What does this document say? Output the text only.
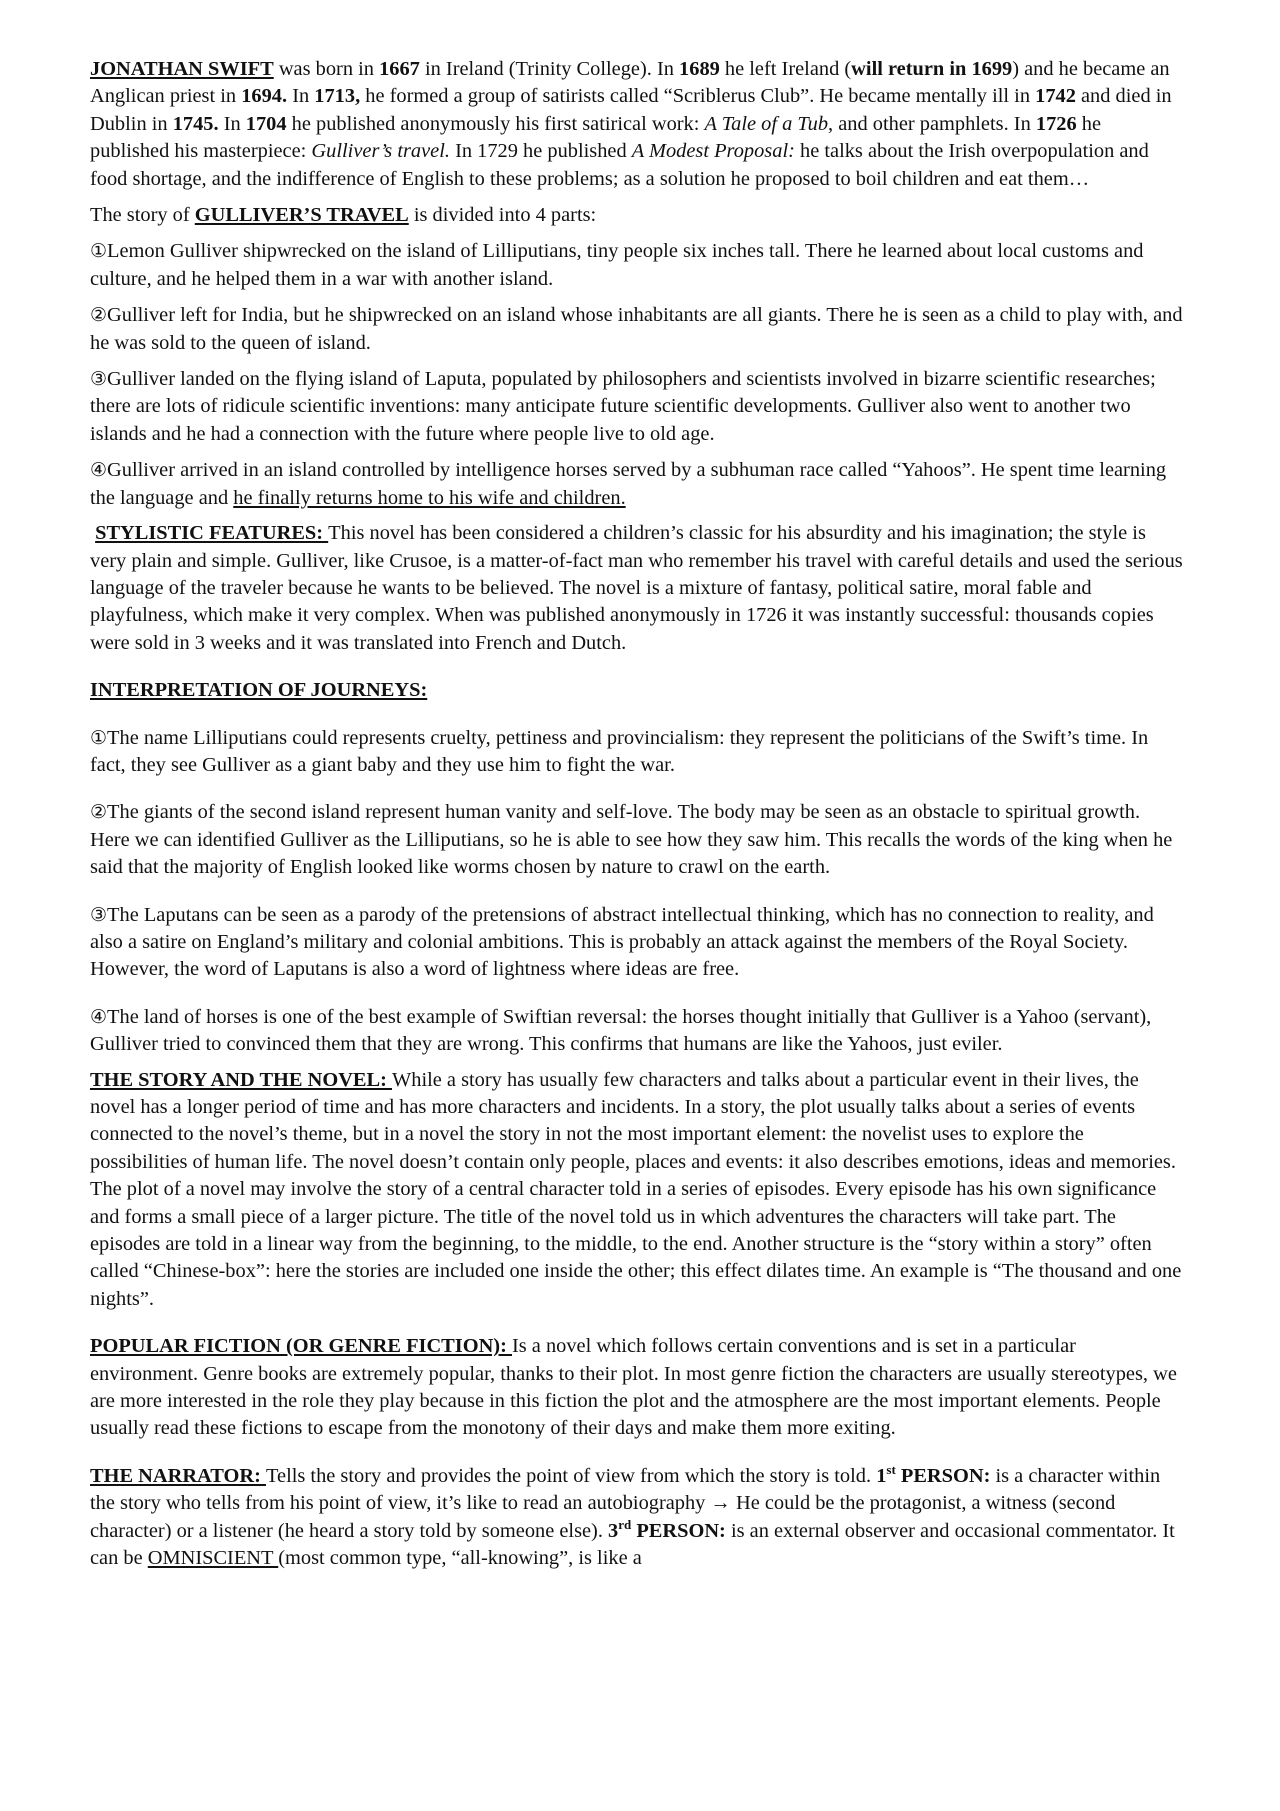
JONATHAN SWIFT was born in 1667 in Ireland (Trinity College). In 1689 he left Ireland (will return in 1699) and he became an Anglican priest in 1694. In 1713, he formed a group of satirists called “Scriblerus Club”. He became mentally ill in 1742 and died in Dublin in 1745. In 1704 he published anonymously his first satirical work: A Tale of a Tub, and other pamphlets. In 1726 he published his masterpiece: Gulliver’s travel. In 1729 he published A Modest Proposal: he talks about the Irish overpopulation and food shortage, and the indifference of English to these problems; as a solution he proposed to boil children and eat them…

The story of GULLIVER’S TRAVEL is divided into 4 parts:

①Lemon Gulliver shipwrecked on the island of Lilliputians, tiny people six inches tall. There he learned about local customs and culture, and he helped them in a war with another island.

②Gulliver left for India, but he shipwrecked on an island whose inhabitants are all giants. There he is seen as a child to play with, and he was sold to the queen of island.

③Gulliver landed on the flying island of Laputa, populated by philosophers and scientists involved in bizarre scientific researches; there are lots of ridicule scientific inventions: many anticipate future scientific developments. Gulliver also went to another two islands and he had a connection with the future where people live to old age.

④Gulliver arrived in an island controlled by intelligence horses served by a subhuman race called “Yahoos”. He spent time learning the language and he finally returns home to his wife and children.

STYLISTIC FEATURES: This novel has been considered a children’s classic for his absurdity and his imagination; the style is very plain and simple. Gulliver, like Crusoe, is a matter-of-fact man who remember his travel with careful details and used the serious language of the traveler because he wants to be believed. The novel is a mixture of fantasy, political satire, moral fable and playfulness, which make it very complex. When was published anonymously in 1726 it was instantly successful: thousands copies were sold in 3 weeks and it was translated into French and Dutch.

INTERPRETATION OF JOURNEYS:

①The name Lilliputians could represents cruelty, pettiness and provincialism: they represent the politicians of the Swift’s time. In fact, they see Gulliver as a giant baby and they use him to fight the war.

②The giants of the second island represent human vanity and self-love. The body may be seen as an obstacle to spiritual growth. Here we can identified Gulliver as the Lilliputians, so he is able to see how they saw him. This recalls the words of the king when he said that the majority of English looked like worms chosen by nature to crawl on the earth.

③The Laputans can be seen as a parody of the pretensions of abstract intellectual thinking, which has no connection to reality, and also a satire on England’s military and colonial ambitions. This is probably an attack against the members of the Royal Society. However, the word of Laputans is also a word of lightness where ideas are free.

④The land of horses is one of the best example of Swiftian reversal: the horses thought initially that Gulliver is a Yahoo (servant), Gulliver tried to convinced them that they are wrong. This confirms that humans are like the Yahoos, just eviler.

THE STORY AND THE NOVEL: While a story has usually few characters and talks about a particular event in their lives, the novel has a longer period of time and has more characters and incidents. In a story, the plot usually talks about a series of events connected to the novel’s theme, but in a novel the story in not the most important element: the novelist uses to explore the possibilities of human life. The novel doesn’t contain only people, places and events: it also describes emotions, ideas and memories. The plot of a novel may involve the story of a central character told in a series of episodes. Every episode has his own significance and forms a small piece of a larger picture. The title of the novel told us in which adventures the characters will take part. The episodes are told in a linear way from the beginning, to the middle, to the end. Another structure is the “story within a story” often called “Chinese-box”: here the stories are included one inside the other; this effect dilates time. An example is “The thousand and one nights”.

POPULAR FICTION (OR GENRE FICTION): Is a novel which follows certain conventions and is set in a particular environment. Genre books are extremely popular, thanks to their plot. In most genre fiction the characters are usually stereotypes, we are more interested in the role they play because in this fiction the plot and the atmosphere are the most important elements. People usually read these fictions to escape from the monotony of their days and make them more exiting.

THE NARRATOR: Tells the story and provides the point of view from which the story is told. 1st PERSON: is a character within the story who tells from his point of view, it’s like to read an autobiography → He could be the protagonist, a witness (second character) or a listener (he heard a story told by someone else). 3rd PERSON: is an external observer and occasional commentator. It can be OMNISCIENT (most common type, “all-knowing”, is like a
